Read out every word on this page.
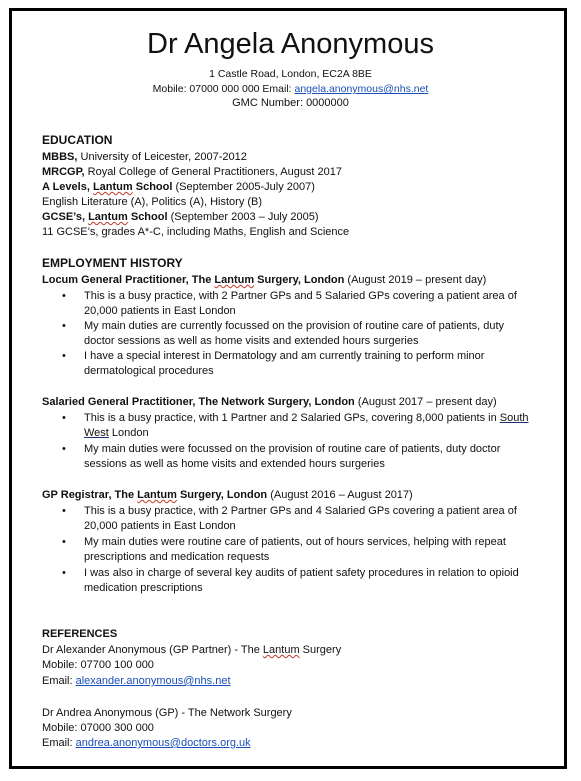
Dr Angela Anonymous
1 Castle Road, London, EC2A 8BE
Mobile: 07000 000 000 Email: angela.anonymous@nhs.net
GMC Number: 0000000
EDUCATION
MBBS, University of Leicester, 2007-2012
MRCGP, Royal College of General Practitioners, August 2017
A Levels, Lantum School (September 2005-July 2007)
English Literature (A), Politics (A), History (B)
GCSE’s, Lantum School (September 2003 – July 2005)
11 GCSE’s, grades A*-C, including Maths, English and Science
EMPLOYMENT HISTORY
Locum General Practitioner, The Lantum Surgery, London (August 2019 – present day)
• This is a busy practice, with 2 Partner GPs and 5 Salaried GPs covering a patient area of 20,000 patients in East London
• My main duties are currently focussed on the provision of routine care of patients, duty doctor sessions as well as home visits and extended hours surgeries
• I have a special interest in Dermatology and am currently training to perform minor dermatological procedures
Salaried General Practitioner, The Network Surgery, London (August 2017 – present day)
• This is a busy practice, with 1 Partner and 2 Salaried GPs, covering 8,000 patients in South West London
• My main duties were focussed on the provision of routine care of patients, duty doctor sessions as well as home visits and extended hours surgeries
GP Registrar, The Lantum Surgery, London (August 2016 – August 2017)
• This is a busy practice, with 2 Partner GPs and 4 Salaried GPs covering a patient area of 20,000 patients in East London
• My main duties were routine care of patients, out of hours services, helping with repeat prescriptions and medication requests
• I was also in charge of several key audits of patient safety procedures in relation to opioid medication prescriptions
REFERENCES
Dr Alexander Anonymous (GP Partner) - The Lantum Surgery
Mobile: 07700 100 000
Email: alexander.anonymous@nhs.net
Dr Andrea Anonymous (GP) - The Network Surgery
Mobile: 07000 300 000
Email: andrea.anonymous@doctors.org.uk
